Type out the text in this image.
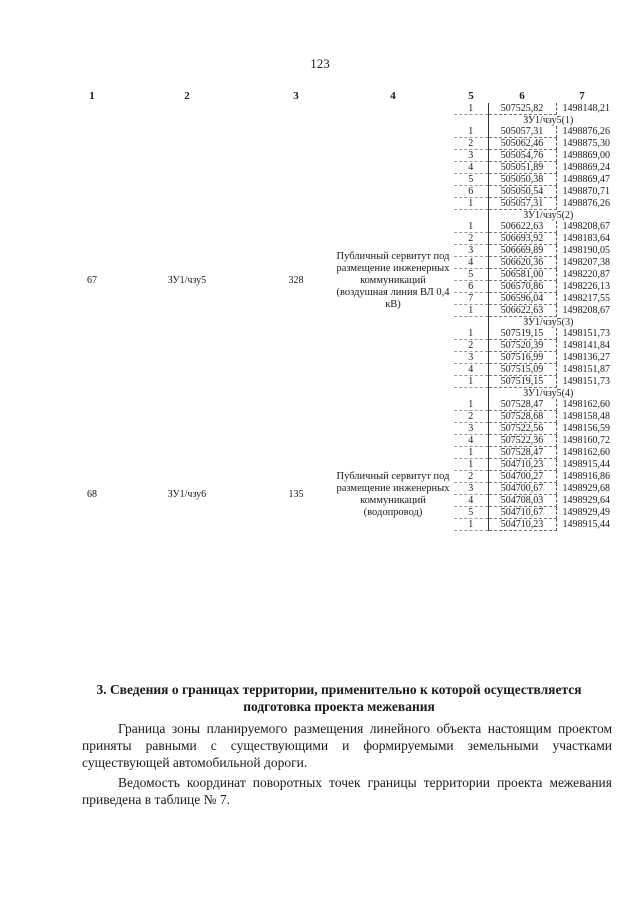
123
1	2	3	4	5	6	7
67	ЗУ1/чзу5	328	Публичный сервитут под размещение инженерных коммуникаций (воздушная линия ВЛ 0,4 кВ)	1	507525,82	1498148,21
					ЗУ1/чзу5(1)	
				1	505057,31	1498876,26
				2	505062,46	1498875,30
				3	505054,76	1498869,00
				4	505051,89	1498869,24
				5	505050,38	1498869,47
				6	505050,54	1498870,71
				1	505057,31	1498876,26
					ЗУ1/чзу5(2)	
				1	506622,63	1498208,67
				2	506693,92	1498183,64
				3	506669,89	1498190,05
				4	506620,36	1498207,38
				5	506581,00	1498220,87
				6	506570,86	1498226,13
				7	506596,04	1498217,55
				1	506622,63	1498208,67
					ЗУ1/чзу5(3)	
				1	507519,15	1498151,73
				2	507520,39	1498141,84
				3	507516,99	1498136,27
				4	507515,09	1498151,87
				1	507519,15	1498151,73
					ЗУ1/чзу5(4)	
				1	507528,47	1498162,60
				2	507528,68	1498158,48
				3	507522,56	1498156,59
				4	507522,36	1498160,72
				1	507528,47	1498162,60
68	ЗУ1/чзу6	135	Публичный сервитут под размещение инженерных коммуникаций (водопровод)	1	504710,23	1498915,44
				2	504700,27	1498916,86
				3	504700,67	1498929,68
				4	504708,03	1498929,64
				5	504710,67	1498929,49
				1	504710,23	1498915,44
3. Сведения о границах территории, применительно к которой осуществляется подготовка проекта межевания
Граница зоны планируемого размещения линейного объекта настоящим проектом приняты равными с существующими и формируемыми земельными участками существующей автомобильной дороги.
Ведомость координат поворотных точек границы территории проекта межевания приведена в таблице № 7.
